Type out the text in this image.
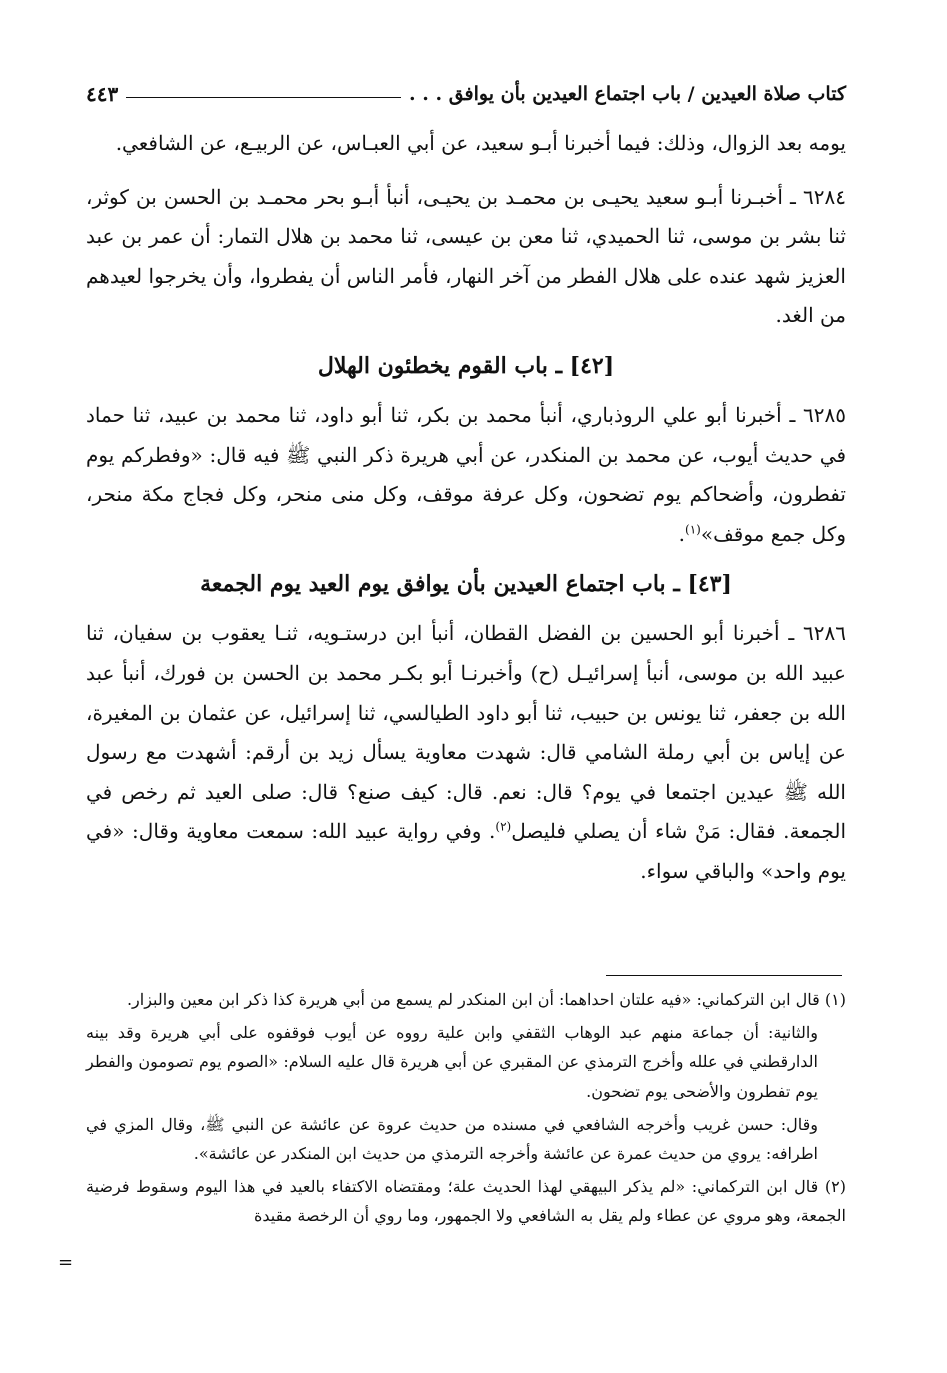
كتاب صلاة العيدين / باب اجتماع العيدين بأن يوافق . . .
٤٤٣

يومه بعد الزوال، وذلك: فيما أخبرنا أبـو سعيد، عن أبي العبـاس، عن الربيـع، عن الشافعي.

٦٢٨٤ ـ أخبـرنا أبـو سعيد يحيـى بن محمـد بن يحيـى، أنبأ أبـو بحر محمـد بن الحسن بن كوثر، ثنا بشر بن موسى، ثنا الحميدي، ثنا معن بن عيسى، ثنا محمد بن هلال التمار: أن عمر بن عبد العزيز شهد عنده على هلال الفطر من آخر النهار، فأمر الناس أن يفطروا، وأن يخرجوا لعيدهم من الغد.

[٤٢] ـ باب القوم يخطئون الهلال

٦٢٨٥ ـ أخبرنا أبو علي الروذباري، أنبأ محمد بن بكر، ثنا أبو داود، ثنا محمد بن عبيد، ثنا حماد في حديث أيوب، عن محمد بن المنكدر، عن أبي هريرة ذكر النبي ﷺ فيه قال: «وفطركم يوم تفطرون، وأضحاكم يوم تضحون، وكل عرفة موقف، وكل منى منحر، وكل فجاج مكة منحر، وكل جمع موقف»$^{(١)}$.

[٤٣] ـ باب اجتماع العيدين بأن يوافق يوم العيد يوم الجمعة

٦٢٨٦ ـ أخبرنا أبو الحسين بن الفضل القطان، أنبأ ابن درستـويه، ثنـا يعقوب بن سفيان، ثنا عبيد الله بن موسى، أنبأ إسرائيـل (ح) وأخبرنـا أبو بكـر محمد بن الحسن بن فورك، أنبأ عبد الله بن جعفر، ثنا يونس بن حبيب، ثنا أبو داود الطيالسي، ثنا إسرائيل، عن عثمان بن المغيرة، عن إياس بن أبي رملة الشامي قال: شهدت معاوية يسأل زيد بن أرقم: أشهدت مع رسول الله ﷺ عيدين اجتمعا في يوم؟ قال: نعم. قال: كيف صنع؟ قال: صلى العيد ثم رخص في الجمعة. فقال: مَنْ شاء أن يصلي فليصل$^{(٢)}$. وفي رواية عبيد الله: سمعت معاوية وقال: «في يوم واحد» والباقي سواء.

(١) قال ابن التركماني: «فيه علتان احداهما: أن ابن المنكدر لم يسمع من أبي هريرة كذا ذكر ابن معين والبزار.

والثانية: أن جماعة منهم عبد الوهاب الثقفي وابن علية رووه عن أيوب فوقفوه على أبي هريرة وقد بينه الدارقطني في علله وأخرج الترمذي عن المقبري عن أبي هريرة قال عليه السلام: «الصوم يوم تصومون والفطر يوم تفطرون والأضحى يوم تضحون.

وقال: حسن غريب وأخرجه الشافعي في مسنده من حديث عروة عن عائشة عن النبي ﷺ، وقال المزي في اطرافه: يروي من حديث عمرة عن عائشة وأخرجه الترمذي من حديث ابن المنكدر عن عائشة».

(٢) قال ابن التركماني: «لم يذكر البيهقي لهذا الحديث علة؛ ومقتضاه الاكتفاء بالعيد في هذا اليوم وسقوط فرضية الجمعة، وهو مروي عن عطاء ولم يقل به الشافعي ولا الجمهور، وما روي أن الرخصة مقيدة

=
